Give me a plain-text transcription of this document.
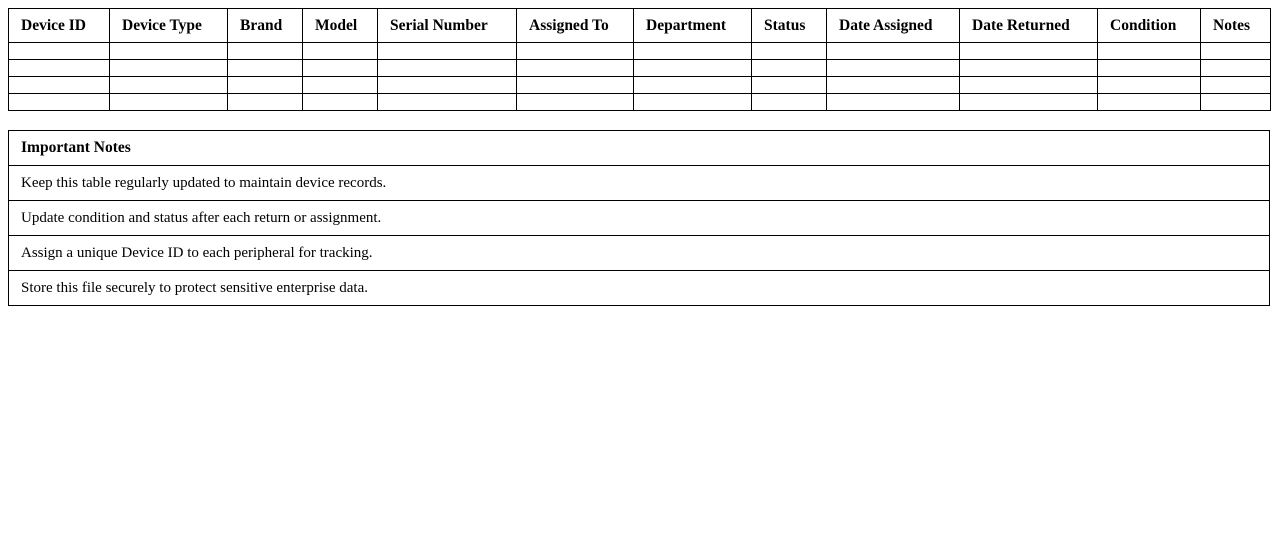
Device ID	Device Type	Brand	Model	Serial Number	Assigned To	Department	Status	Date Assigned	Date Returned	Condition	Notes

Important Notes
Keep this table regularly updated to maintain device records.
Update condition and status after each return or assignment.
Assign a unique Device ID to each peripheral for tracking.
Store this file securely to protect sensitive enterprise data.
